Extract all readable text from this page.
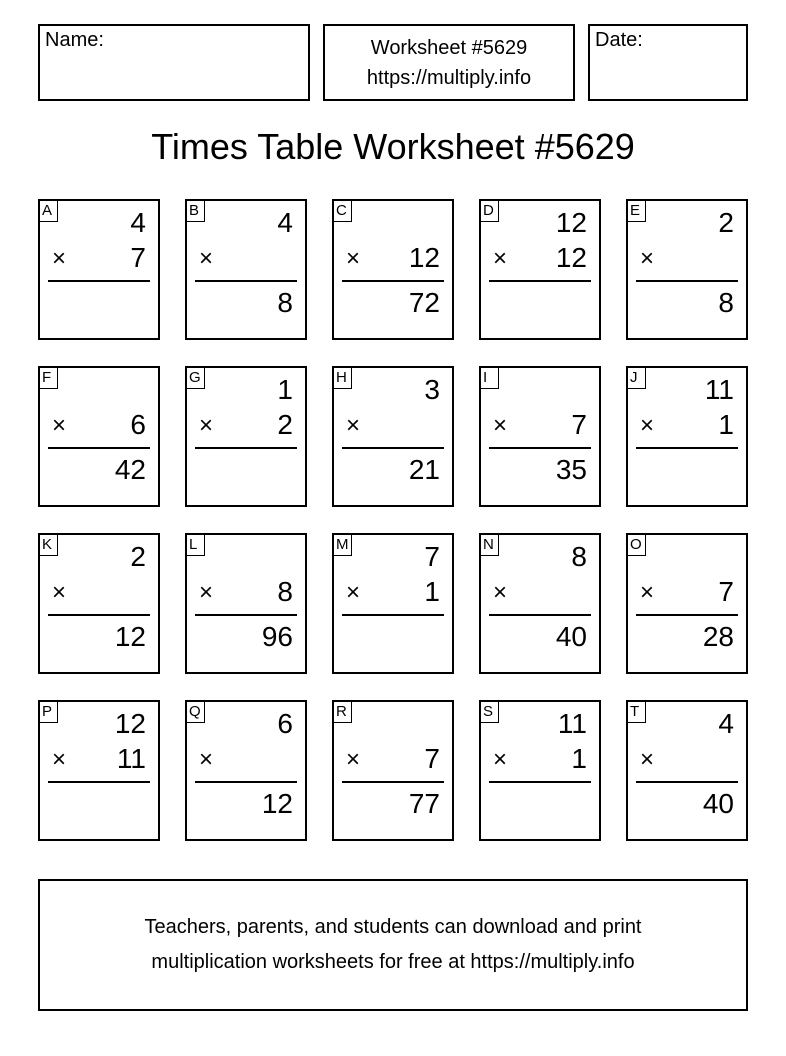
Name:	Worksheet #5629
https://multiply.info
Date:
Times Table Worksheet #5629
A	4
× 7
B	4
×
8
C
× 12
72
D 12
× 12
E	2
×
8
F
× 6
42
G	1
× 2
H	3
×
21
I
× 7
35
J	11
× 1
K	2
×
12
L
× 8
96
M	7
× 1
N	8
×
40
O
× 7
28
P 12
× 11
Q	6
×
12
R
× 7
77
S 11
× 1
T	4
×
40
Teachers, parents, and students can download and print
multiplication worksheets for free at https://multiply.info
